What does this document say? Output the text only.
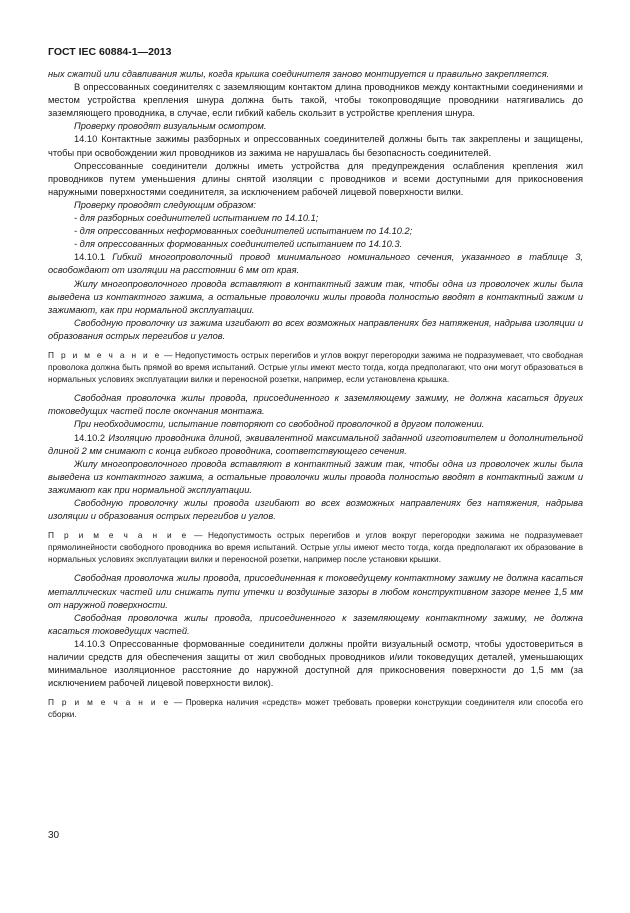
ГОСТ IEC 60884-1—2013

ных сжатий или сдавливания жилы, когда крышка соединителя заново монтируется и правильно закрепляется.

В опрессованных соединителях с заземляющим контактом длина проводников между контактными соединениями и местом устройства крепления шнура должна быть такой, чтобы токопроводящие проводники натягивались до заземляющего проводника, в случае, если гибкий кабель скользит в устройстве крепления шнура.

Проверку проводят визуальным осмотром.

14.10 Контактные зажимы разборных и опрессованных соединителей должны быть так закреплены и защищены, чтобы при освобождении жил проводников из зажима не нарушалась бы безопасность соединителей.

Опрессованные соединители должны иметь устройства для предупреждения ослабления крепления жил проводников путем уменьшения длины снятой изоляции с проводников и всеми доступными для прикосновения наружными поверхностями соединителя, за исключением рабочей лицевой поверхности вилки.

Проверку проводят следующим образом:

- для разборных соединителей испытанием по 14.10.1;

- для опрессованных неформованных соединителей испытанием по 14.10.2;

- для опрессованных формованных соединителей испытанием по 14.10.3.

14.10.1 Гибкий многопроволочный провод минимального номинального сечения, указанного в таблице 3, освобождают от изоляции на расстоянии 6 мм от края.

Жилу многопроволочного провода вставляют в контактный зажим так, чтобы одна из проволочек жилы была выведена из контактного зажима, а остальные проволочки жилы провода полностью вводят в контактный зажим и зажимают, как при нормальной эксплуатации.

Свободную проволочку из зажима изгибают во всех возможных направлениях без натяжения, надрыва изоляции и образования острых перегибов и углов.

П р и м е ч а н и е — Недопустимость острых перегибов и углов вокруг перегородки зажима не подразумевает, что свободная проволока должна быть прямой во время испытаний. Острые углы имеют место тогда, когда предполагают, что они могут образоваться в нормальных условиях эксплуатации вилки и переносной розетки, например, если установлена крышка.

Свободная проволочка жилы провода, присоединенного к заземляющему зажиму, не должна касаться других токоведущих частей после окончания монтажа.

При необходимости, испытание повторяют со свободной проволочкой в другом положении.

14.10.2 Изоляцию проводника длиной, эквивалентной максимальной заданной изготовителем и дополнительной длиной 2 мм снимают с конца гибкого проводника, соответствующего сечения.

Жилу многопроволочного провода вставляют в контактный зажим так, чтобы одна из проволочек жилы была выведена из контактного зажима, а остальные проволочки жилы провода полностью вводят в контактный зажим и зажимают как при нормальной эксплуатации.

Свободную проволочку жилы провода изгибают во всех возможных направлениях без натяжения, надрыва изоляции и образования острых перегибов и углов.

П р и м е ч а н и е — Недопустимость острых перегибов и углов вокруг перегородки зажима не подразумевает прямолинейности свободного проводника во время испытаний. Острые углы имеют место тогда, когда предполагают их образование в нормальных условиях эксплуатации вилки и переносной розетки, например после установки крышки.

Свободная проволочка жилы провода, присоединенная к токоведущему контактному зажиму не должна касаться металлических частей или снижать пути утечки и воздушные зазоры в любом конструктивном зазоре менее 1,5 мм от наружной поверхности.

Свободная проволочка жилы провода, присоединенного к заземляющему контактному зажиму, не должна касаться токоведущих частей.

14.10.3 Опрессованные формованные соединители должны пройти визуальный осмотр, чтобы удостовериться в наличии средств для обеспечения защиты от жил свободных проводников и/или токоведущих деталей, уменьшающих минимальное изоляционное расстояние до наружной доступной для прикосновения поверхности до 1,5 мм (за исключением рабочей лицевой поверхности вилок).

П р и м е ч а н и е — Проверка наличия «средств» может требовать проверки конструкции соединителя или способа его сборки.

30
